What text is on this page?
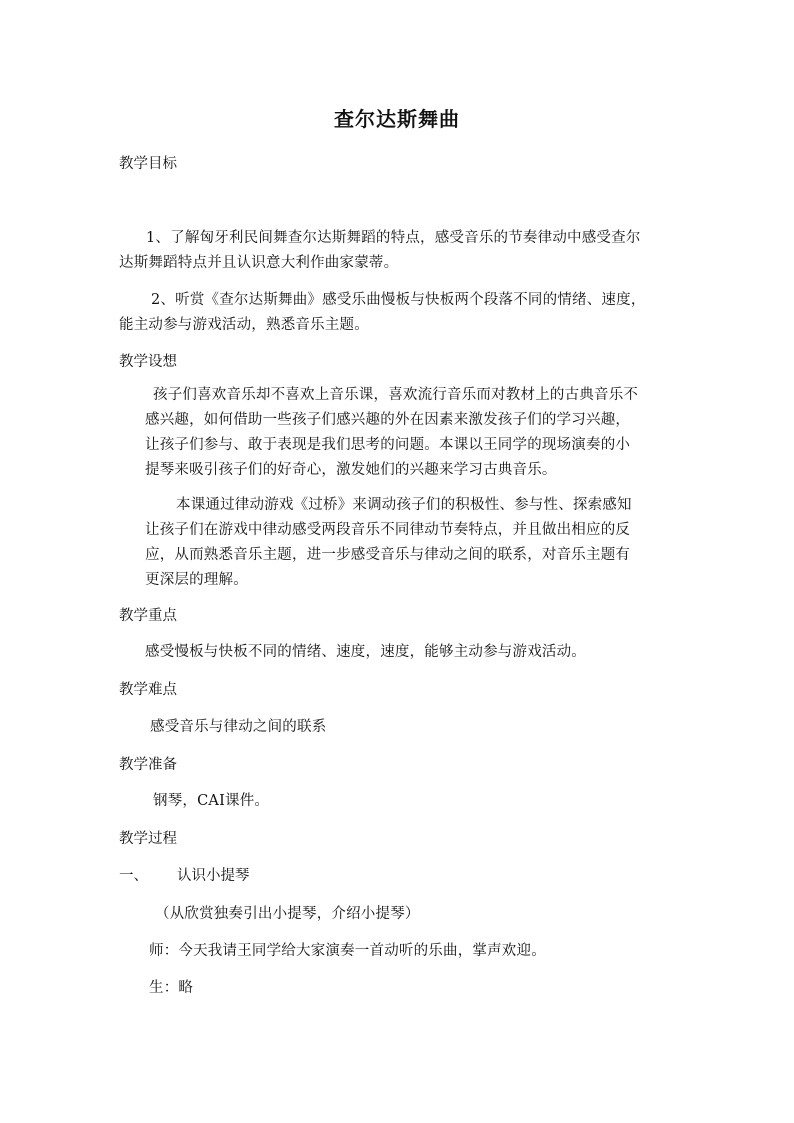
查尔达斯舞曲
教学目标
1、了解匈牙利民间舞查尔达斯舞蹈的特点，感受音乐的节奏律动中感受查尔
达斯舞蹈特点并且认识意大利作曲家蒙蒂。
2、听赏《查尔达斯舞曲》感受乐曲慢板与快板两个段落不同的情绪、速度，
能主动参与游戏活动，熟悉音乐主题。
教学设想
孩子们喜欢音乐却不喜欢上音乐课，喜欢流行音乐而对教材上的古典音乐不
感兴趣，如何借助一些孩子们感兴趣的外在因素来激发孩子们的学习兴趣，
让孩子们参与、敢于表现是我们思考的问题。本课以王同学的现场演奏的小
提琴来吸引孩子们的好奇心，激发她们的兴趣来学习古典音乐。
本课通过律动游戏《过桥》来调动孩子们的积极性、参与性、探索感知
让孩子们在游戏中律动感受两段音乐不同律动节奏特点，并且做出相应的反
应，从而熟悉音乐主题，进一步感受音乐与律动之间的联系，对音乐主题有
更深层的理解。
教学重点
感受慢板与快板不同的情绪、速度，速度，能够主动参与游戏活动。
教学难点
感受音乐与律动之间的联系
教学准备
钢琴，CAI课件。
教学过程
一、 认识小提琴
（从欣赏独奏引出小提琴，介绍小提琴）
师：今天我请王同学给大家演奏一首动听的乐曲，掌声欢迎。
生：略
